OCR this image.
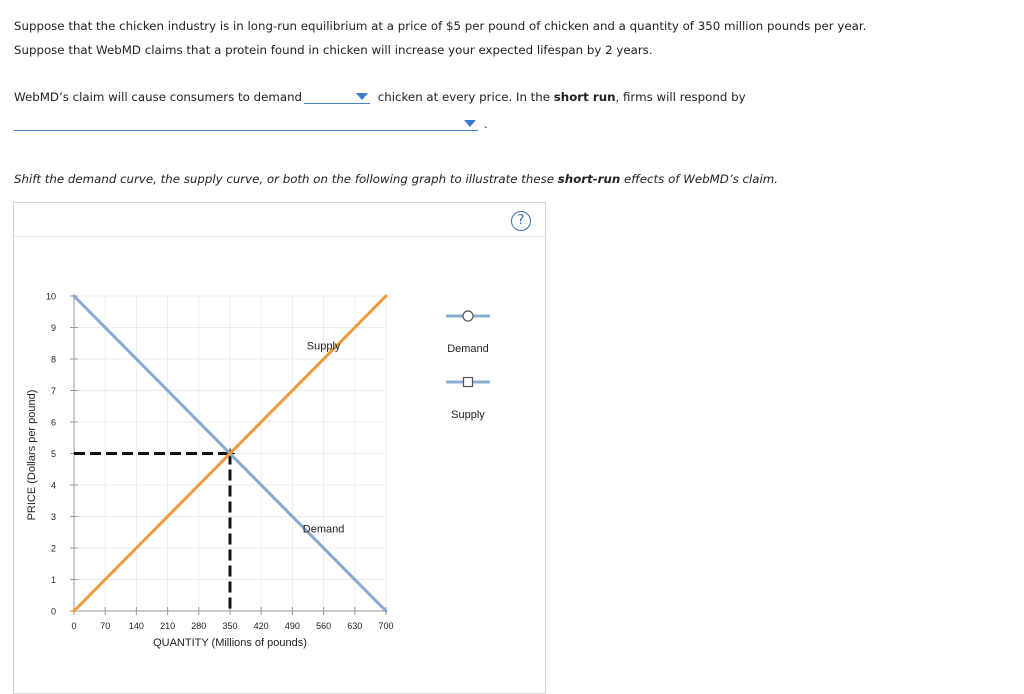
Suppose that the chicken industry is in long-run equilibrium at a price of $5 per pound of chicken and a quantity of 350 million pounds per year.
Suppose that WebMD claims that a protein found in chicken will increase your expected lifespan by 2 years.
WebMD’s claim will cause consumers to demand	chicken at every price. In the short run, firms will respond by
.
Shift the demand curve, the supply curve, or both on the following graph to illustrate these short-run effects of WebMD’s claim.
?
0
1
2
3
4
5
6
7
8
9
10
0	70 140 210 280 350 420 490 560 630 700
Demand
Supply
QUANTITY (Millions of pounds)
PRICE (Dollars per pound)
Demand
Supply
